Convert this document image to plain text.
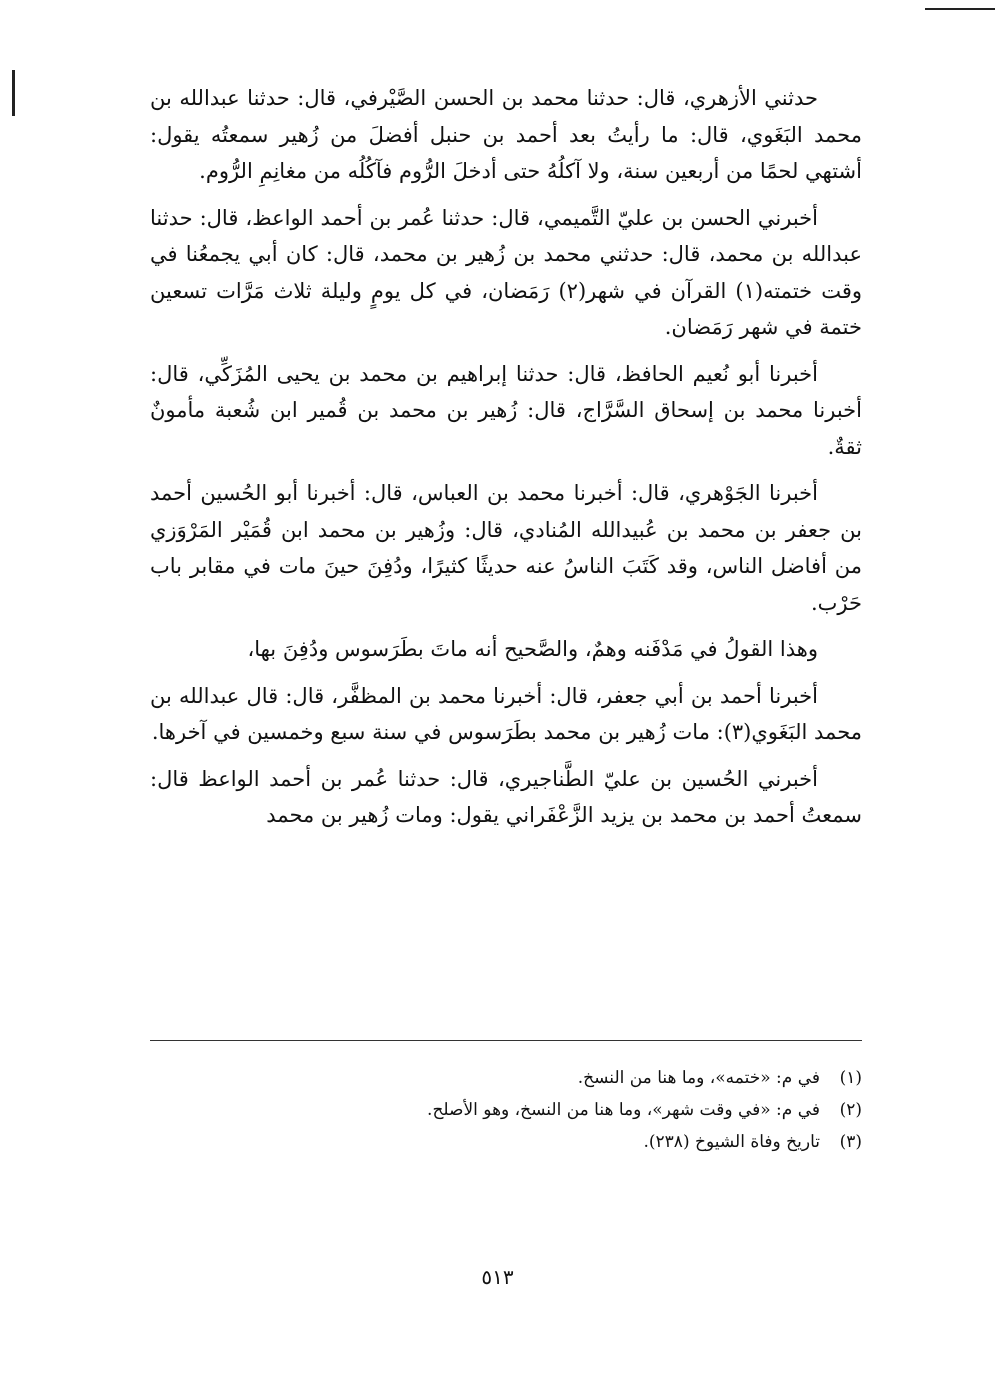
حدثني الأزهري، قال: حدثنا محمد بن الحسن الصَّيْرفي، قال: حدثنا عبدالله بن محمد البَغَوي، قال: ما رأيتُ بعد أحمد بن حنبل أفضلَ من زُهير سمعتُه يقول: أشتهي لحمًا من أربعين سنة، ولا آكلُهُ حتى أدخلَ الرُّوم فآكُلُه من مغانِمِ الرُّوم.

أخبرني الحسن بن عليّ التَّميمي، قال: حدثنا عُمر بن أحمد الواعظ، قال: حدثنا عبدالله بن محمد، قال: حدثني محمد بن زُهير بن محمد، قال: كان أبي يجمعُنا في وقت ختمته(١) القرآن في شهر(٢) رَمَضان، في كل يومٍ وليلة ثلاث مَرَّات تسعين ختمة في شهر رَمَضان.

أخبرنا أبو نُعيم الحافظ، قال: حدثنا إبراهيم بن محمد بن يحيى المُزَكِّي، قال: أخبرنا محمد بن إسحاق السَّرَّاج، قال: زُهير بن محمد بن قُمير ابن شُعبة مأمونٌ ثقةٌ.

أخبرنا الجَوْهري، قال: أخبرنا محمد بن العباس، قال: أخبرنا أبو الحُسين أحمد بن جعفر بن محمد بن عُبيدالله المُنادي، قال: وزُهير بن محمد ابن قُمَيْر المَرْوَزي من أفاضل الناس، وقد كَتَبَ الناسُ عنه حديثًا كثيرًا، ودُفِنَ حينَ مات في مقابر باب حَرْب.

وهذا القولُ في مَدْفَنه وهمٌ، والصَّحيح أنه ماتَ بطَرَسوس ودُفِنَ بها،

أخبرنا أحمد بن أبي جعفر، قال: أخبرنا محمد بن المظفَّر، قال: قال عبدالله بن محمد البَغَوي(٣): مات زُهير بن محمد بطَرَسوس في سنة سبع وخمسين في آخرها.

أخبرني الحُسين بن عليّ الطَّناجيري، قال: حدثنا عُمر بن أحمد الواعظ قال: سمعتُ أحمد بن محمد بن يزيد الزَّعْفَراني يقول: ومات زُهير بن محمد

(١)في م: «ختمه»، وما هنا من النسخ.
(٢)في م: «في وقت شهر»، وما هنا من النسخ، وهو الأصلح.
(٣)تاريخ وفاة الشيوخ (٢٣٨).
٥١٣
